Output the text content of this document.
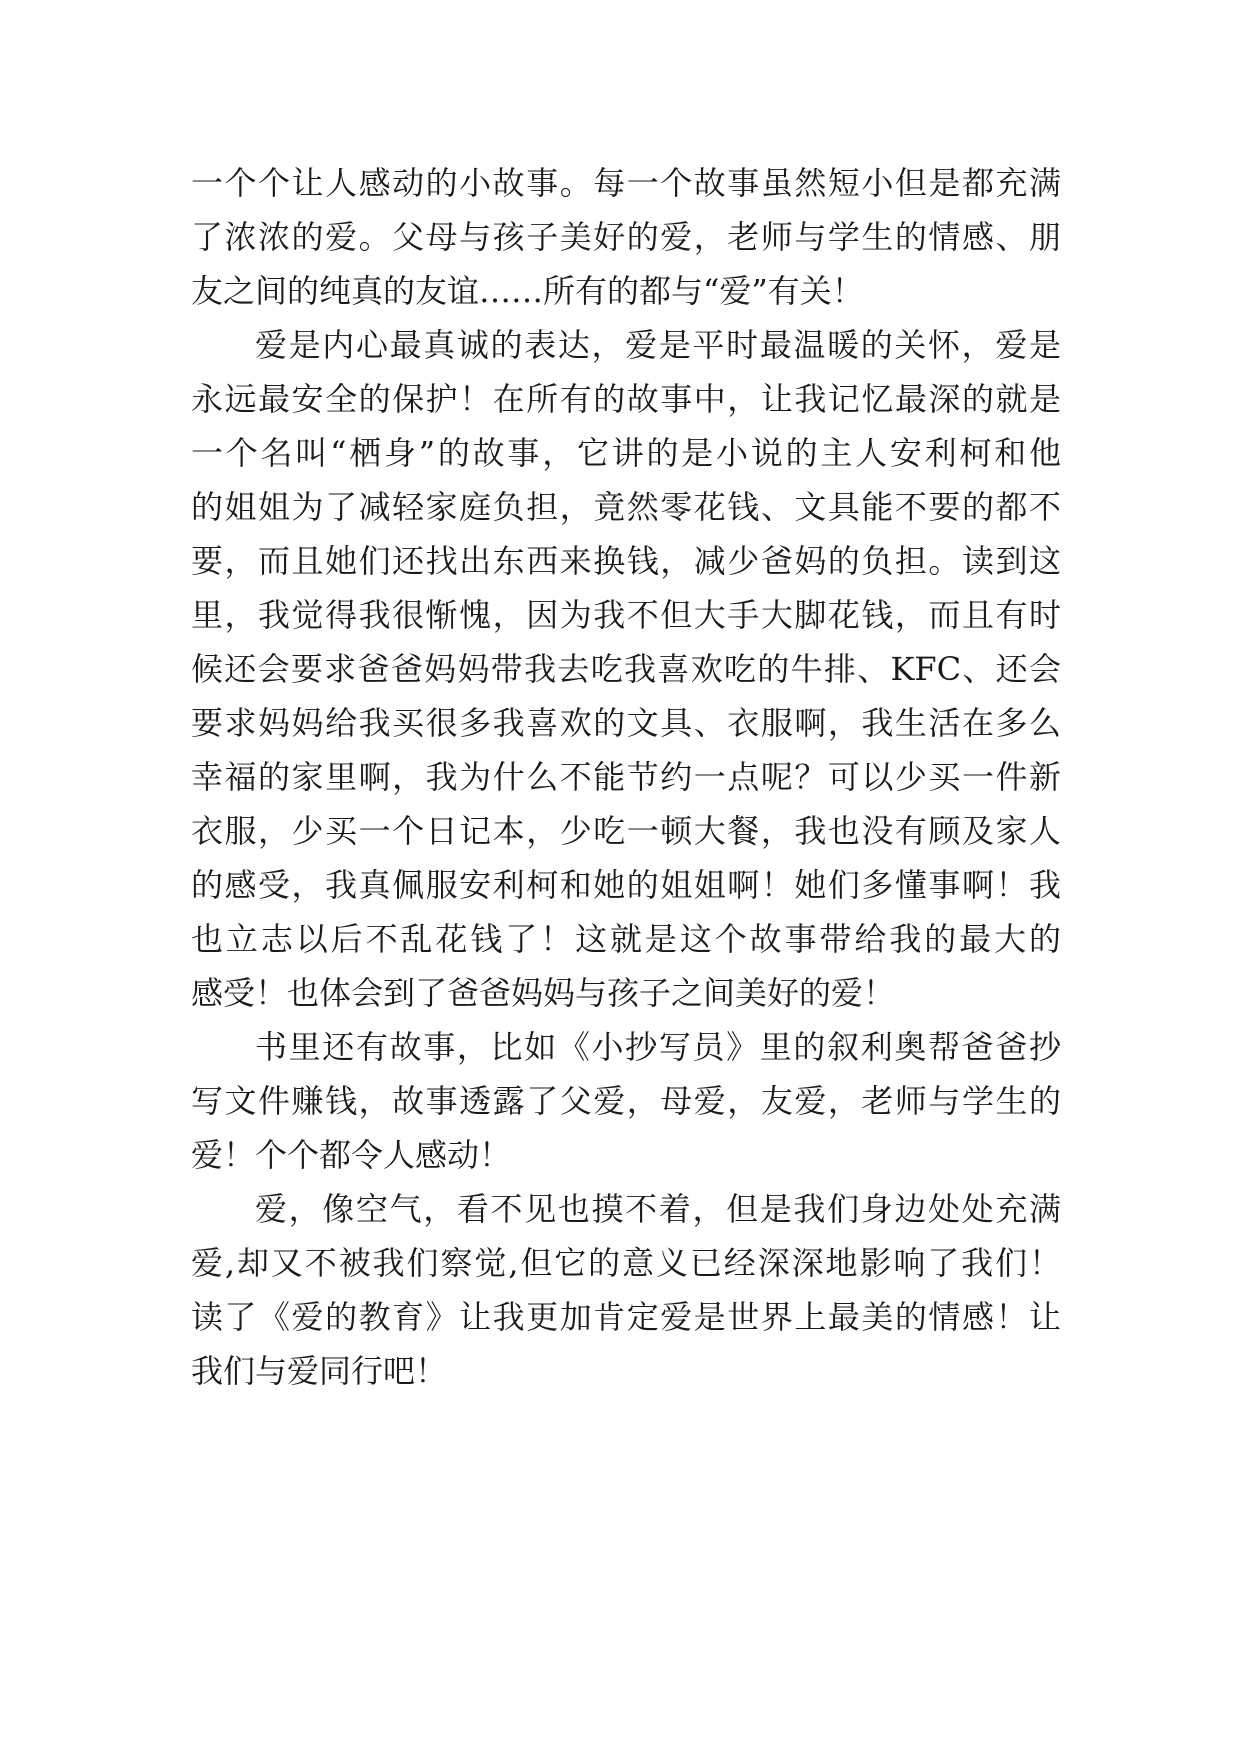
一个个让人感动的小故事。每一个故事虽然短小但是都充满
了浓浓的爱。父母与孩子美好的爱，老师与学生的情感、朋
友之间的纯真的友谊……所有的都与“爱”有关！
爱是内心最真诚的表达，爱是平时最温暖的关怀，爱是
永远最安全的保护！在所有的故事中，让我记忆最深的就是
一个名叫“栖身”的故事，它讲的是小说的主人安利柯和他
的姐姐为了减轻家庭负担，竟然零花钱、文具能不要的都不
要，而且她们还找出东西来换钱，减少爸妈的负担。读到这
里，我觉得我很惭愧，因为我不但大手大脚花钱，而且有时
候还会要求爸爸妈妈带我去吃我喜欢吃的牛排、KFC、还会
要求妈妈给我买很多我喜欢的文具、衣服啊，我生活在多么
幸福的家里啊，我为什么不能节约一点呢？可以少买一件新
衣服，少买一个日记本，少吃一顿大餐，我也没有顾及家人
的感受，我真佩服安利柯和她的姐姐啊！她们多懂事啊！我
也立志以后不乱花钱了！这就是这个故事带给我的最大的
感受！也体会到了爸爸妈妈与孩子之间美好的爱！
书里还有故事，比如《小抄写员》里的叙利奥帮爸爸抄
写文件赚钱，故事透露了父爱，母爱，友爱，老师与学生的
爱！个个都令人感动！
爱，像空气，看不见也摸不着，但是我们身边处处充满
爱,却又不被我们察觉,但它的意义已经深深地影响了我们！
读了《爱的教育》让我更加肯定爱是世界上最美的情感！让
我们与爱同行吧！
